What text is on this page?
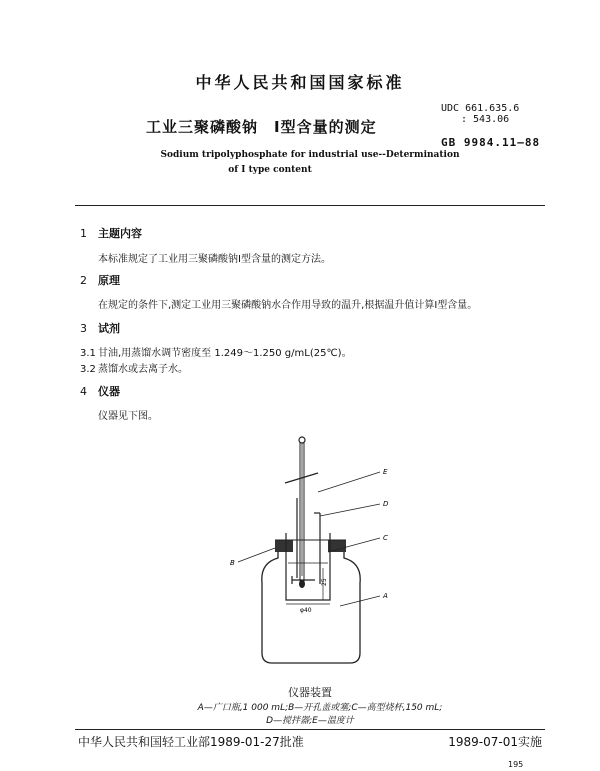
中华人民共和国国家标准
工业三聚磷酸钠　Ⅰ型含量的测定
UDC 661.635.6
: 543.06
GB 9984.11—88
Sodium tripolyphosphate for industrial use--Determination
of Ⅰ type content
1 主题内容
本标准规定了工业用三聚磷酸钠Ⅰ型含量的测定方法。
2 原理
在规定的条件下,测定工业用三聚磷酸钠水合作用导致的温升,根据温升值计算Ⅰ型含量。
3 试剂
3.1 甘油,用蒸馏水调节密度至 1.249～1.250 g/mL(25℃)。
3.2 蒸馏水或去离子水。
4 仪器
仪器见下图。
25
φ40
E
D
C
A
B
仪器装置
A—广口瓶,1 000 mL;B—开孔盖或塞;C—高型烧杯,150 mL;
D—搅拌器;E—温度计
中华人民共和国轻工业部1989-01-27批准	1989-07-01实施
195
